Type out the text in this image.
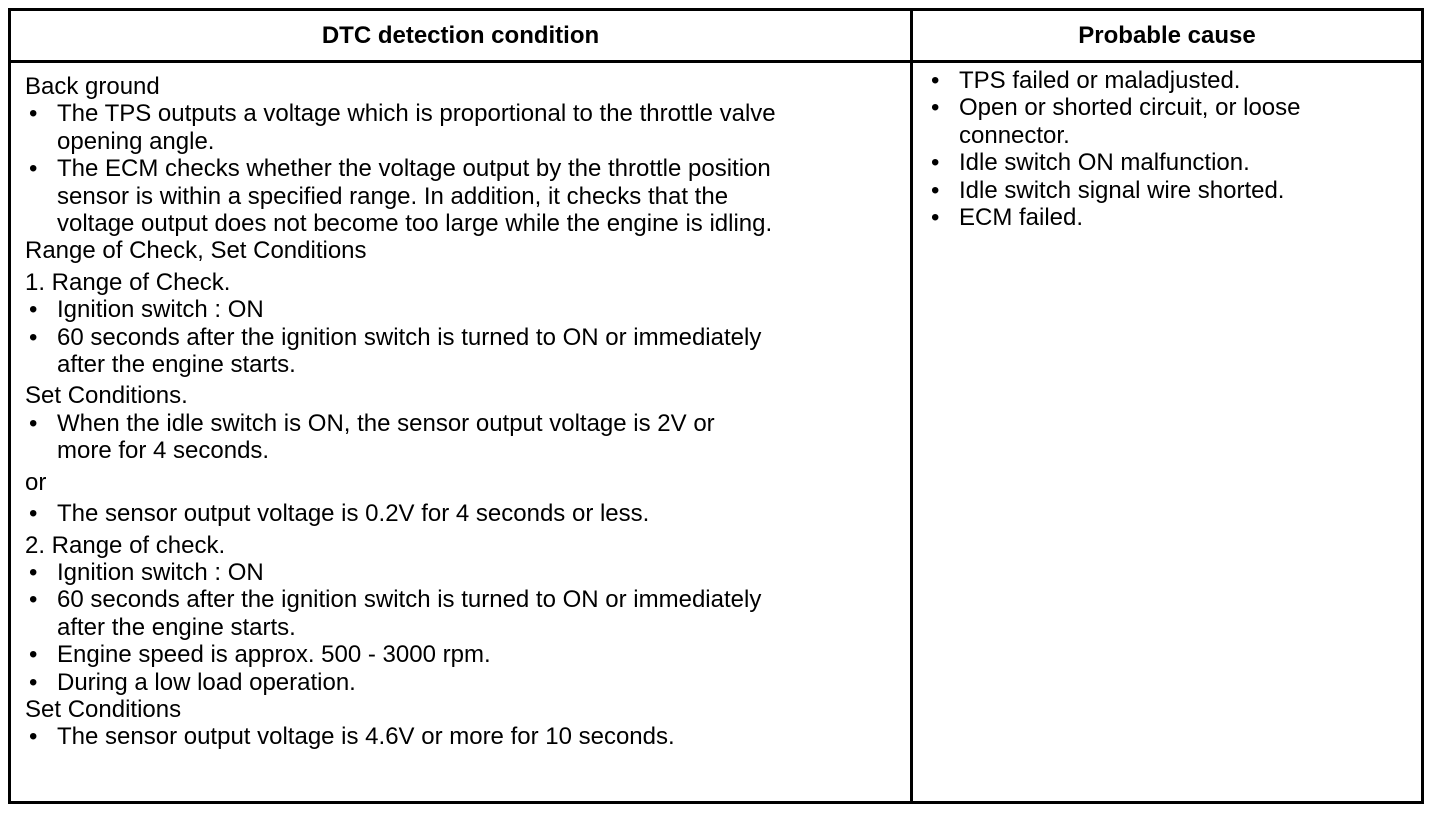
DTC detection condition	Probable cause
Back ground
• The TPS outputs a voltage which is proportional to the throttle valve
opening angle.
• The ECM checks whether the voltage output by the throttle position
sensor is within a specified range. In addition, it checks that the
voltage output does not become too large while the engine is idling.
Range of Check, Set Conditions
1. Range of Check.
• Ignition switch : ON
• 60 seconds after the ignition switch is turned to ON or immediately
after the engine starts.
Set Conditions.
• When the idle switch is ON, the sensor output voltage is 2V or
more for 4 seconds.
or
• The sensor output voltage is 0.2V for 4 seconds or less.
2. Range of check.
• Ignition switch : ON
• 60 seconds after the ignition switch is turned to ON or immediately
after the engine starts.
• Engine speed is approx. 500 - 3000 rpm.
• During a low load operation.
Set Conditions
• The sensor output voltage is 4.6V or more for 10 seconds.
• TPS failed or maladjusted.
• Open or shorted circuit, or loose
connector.
• Idle switch ON malfunction.
• Idle switch signal wire shorted.
• ECM failed.
